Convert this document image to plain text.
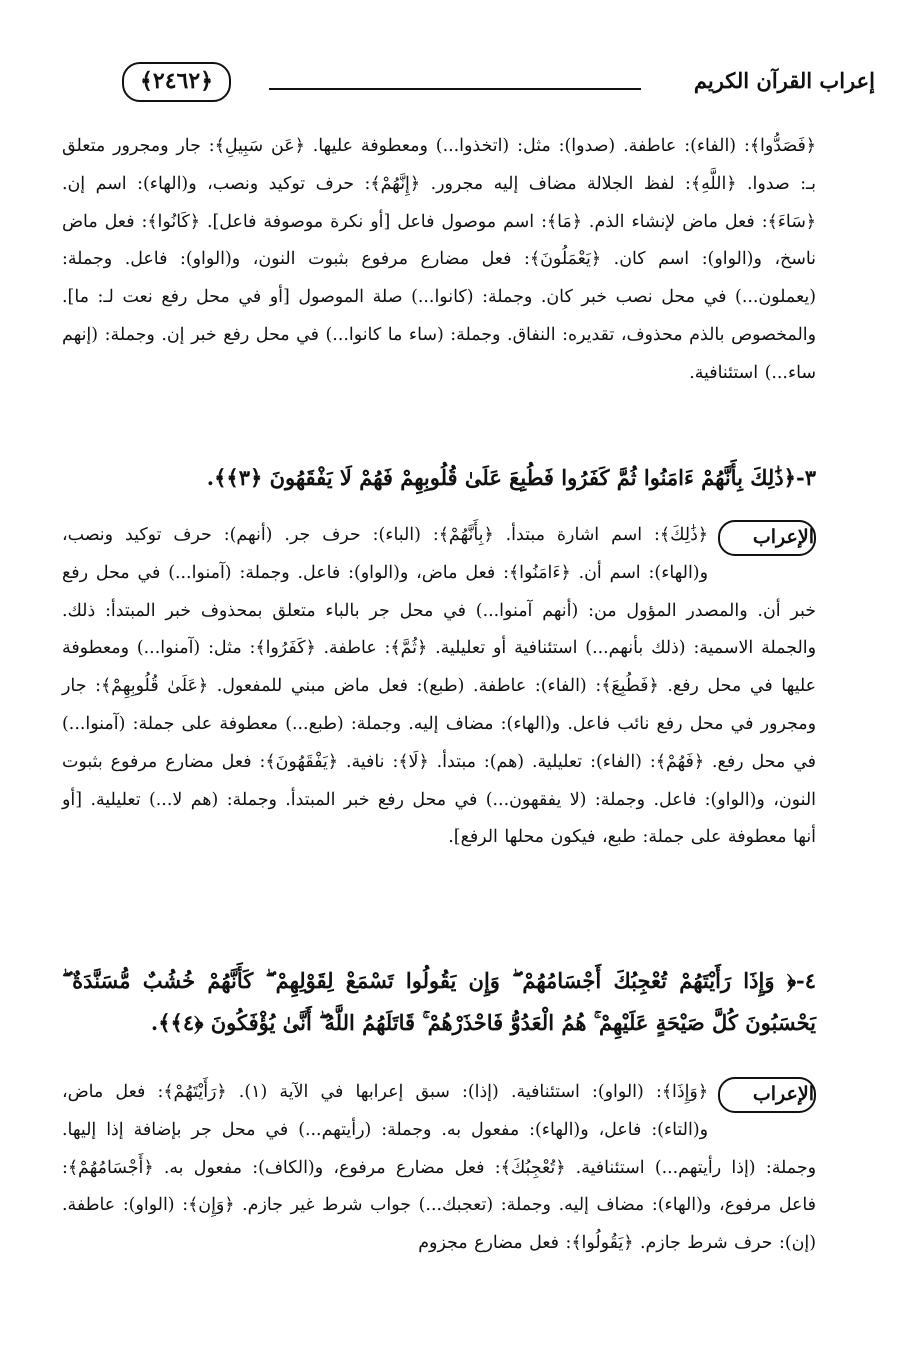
إعراب القرآن الكريم
﴿٢٤٦٢﴾

﴿فَصَدُّوا﴾: (الفاء): عاطفة. (صدوا): مثل: (اتخذوا...) ومعطوفة عليها. ﴿عَن سَبِيلِ﴾: جار ومجرور متعلق بـ: صدوا. ﴿اللَّهِ﴾: لفظ الجلالة مضاف إليه مجرور. ﴿إِنَّهُمْ﴾: حرف توكيد ونصب، و(الهاء): اسم إن. ﴿سَاءَ﴾: فعل ماض لإنشاء الذم. ﴿مَا﴾: اسم موصول فاعل [أو نكرة موصوفة فاعل]. ﴿كَانُوا﴾: فعل ماض ناسخ، و(الواو): اسم كان. ﴿يَعْمَلُونَ﴾: فعل مضارع مرفوع بثبوت النون، و(الواو): فاعل. وجملة: (يعملون...) في محل نصب خبر كان. وجملة: (كانوا...) صلة الموصول [أو في محل رفع نعت لـ: ما]. والمخصوص بالذم محذوف، تقديره: النفاق. وجملة: (ساء ما كانوا...) في محل رفع خبر إن. وجملة: (إنهم ساء...) استئنافية.

٣-﴿ذَٰلِكَ بِأَنَّهُمْ ءَامَنُوا ثُمَّ كَفَرُوا فَطُبِعَ عَلَىٰ قُلُوبِهِمْ فَهُمْ لَا يَفْقَهُونَ ﴿٣﴾﴾.
الإعراب

﴿ذَٰلِكَ﴾: اسم اشارة مبتدأ. ﴿بِأَنَّهُمْ﴾: (الباء): حرف جر. (أنهم): حرف توكيد ونصب، و(الهاء): اسم أن. ﴿ءَامَنُوا﴾: فعل ماض، و(الواو): فاعل. وجملة: (آمنوا...) في محل رفع خبر أن. والمصدر المؤول من: (أنهم آمنوا...) في محل جر بالباء متعلق بمحذوف خبر المبتدأ: ذلك. والجملة الاسمية: (ذلك بأنهم...) استئنافية أو تعليلية. ﴿ثُمَّ﴾: عاطفة. ﴿كَفَرُوا﴾: مثل: (آمنوا...) ومعطوفة عليها في محل رفع. ﴿فَطُبِعَ﴾: (الفاء): عاطفة. (طبع): فعل ماض مبني للمفعول. ﴿عَلَىٰ قُلُوبِهِمْ﴾: جار ومجرور في محل رفع نائب فاعل. و(الهاء): مضاف إليه. وجملة: (طبع...) معطوفة على جملة: (آمنوا...) في محل رفع. ﴿فَهُمْ﴾: (الفاء): تعليلية. (هم): مبتدأ. ﴿لَا﴾: نافية. ﴿يَفْقَهُونَ﴾: فعل مضارع مرفوع بثبوت النون، و(الواو): فاعل. وجملة: (لا يفقهون...) في محل رفع خبر المبتدأ. وجملة: (هم لا...) تعليلية. [أو أنها معطوفة على جملة: طبع، فيكون محلها الرفع].

٤-﴿ وَإِذَا رَأَيْتَهُمْ تُعْجِبُكَ أَجْسَامُهُمْ ۖ وَإِن يَقُولُوا تَسْمَعْ لِقَوْلِهِمْ ۖ كَأَنَّهُمْ خُشُبٌ مُّسَنَّدَةٌ ۖ يَحْسَبُونَ كُلَّ صَيْحَةٍ عَلَيْهِمْ ۚ هُمُ الْعَدُوُّ فَاحْذَرْهُمْ ۚ قَاتَلَهُمُ اللَّهُ ۖ أَنَّىٰ يُؤْفَكُونَ ﴿٤﴾﴾.
الإعراب

﴿وَإِذَا﴾: (الواو): استئنافية. (إذا): سبق إعرابها في الآية (١). ﴿رَأَيْتَهُمْ﴾: فعل ماض، و(التاء): فاعل، و(الهاء): مفعول به. وجملة: (رأيتهم...) في محل جر بإضافة إذا إليها. وجملة: (إذا رأيتهم...) استئنافية. ﴿تُعْجِبُكَ﴾: فعل مضارع مرفوع، و(الكاف): مفعول به. ﴿أَجْسَامُهُمْ﴾: فاعل مرفوع، و(الهاء): مضاف إليه. وجملة: (تعجبك...) جواب شرط غير جازم. ﴿وَإِن﴾: (الواو): عاطفة. (إن): حرف شرط جازم. ﴿يَقُولُوا﴾: فعل مضارع مجزوم
